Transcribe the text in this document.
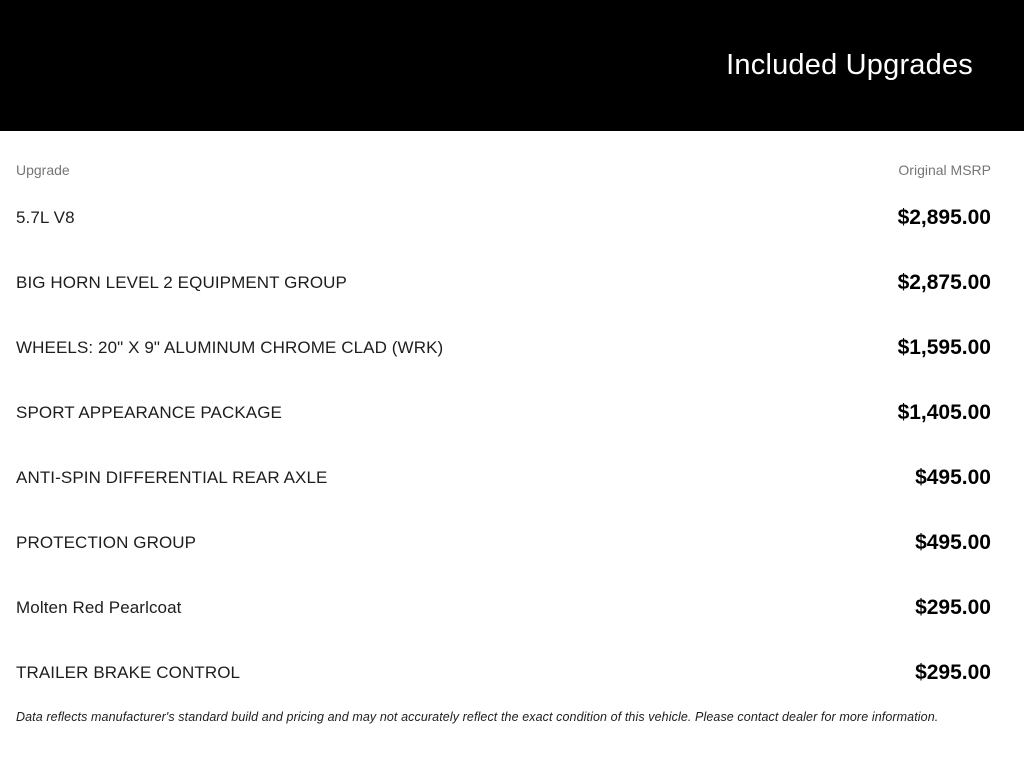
Included Upgrades
Upgrade	Original MSRP
5.7L V8	$2,895.00
BIG HORN LEVEL 2 EQUIPMENT GROUP	$2,875.00
WHEELS: 20" X 9" ALUMINUM CHROME CLAD (WRK)	$1,595.00
SPORT APPEARANCE PACKAGE	$1,405.00
ANTI-SPIN DIFFERENTIAL REAR AXLE	$495.00
PROTECTION GROUP	$495.00
Molten Red Pearlcoat	$295.00
TRAILER BRAKE CONTROL	$295.00
Data reflects manufacturer's standard build and pricing and may not accurately reflect the exact condition of this vehicle. Please contact dealer for more information.
